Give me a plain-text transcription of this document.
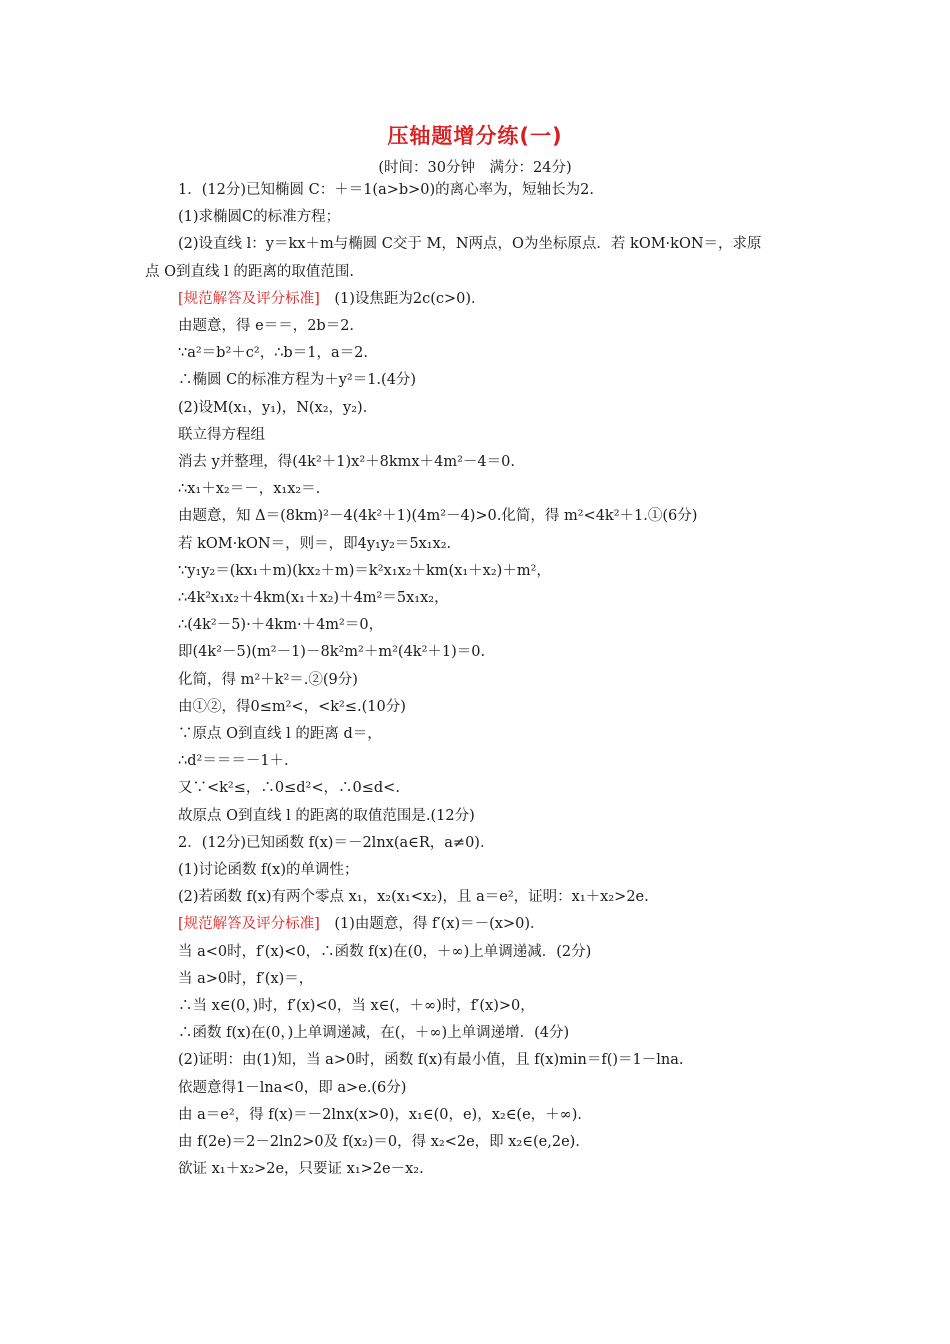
压轴题增分练(一)
(时间：30分钟　满分：24分)
1．(12分)已知椭圆 C：＋＝1(a>b>0)的离心率为，短轴长为2.
(1)求椭圆C的标准方程；
(2)设直线 l：y＝kx＋m与椭圆 C交于 M，N两点，O为坐标原点．若 kOM·kON＝，求原
点 O到直线 l 的距离的取值范围.
[规范解答及评分标准]　(1)设焦距为2c(c>0)．
由题意，得 e＝＝，2b＝2.
∵a²＝b²＋c²，∴b＝1，a＝2.
∴椭圆 C的标准方程为＋y²＝1.(4分)
(2)设M(x₁，y₁)，N(x₂，y₂)．
联立得方程组
消去 y并整理，得(4k²＋1)x²＋8kmx＋4m²－4＝0.
∴x₁＋x₂＝－，x₁x₂＝.
由题意，知 Δ＝(8km)²－4(4k²＋1)(4m²－4)>0.化简，得 m²<4k²＋1.①(6分)
若 kOM·kON＝，则＝，即4y₁y₂＝5x₁x₂.
∵y₁y₂＝(kx₁＋m)(kx₂＋m)＝k²x₁x₂＋km(x₁＋x₂)＋m²，
∴4k²x₁x₂＋4km(x₁＋x₂)＋4m²＝5x₁x₂，
∴(4k²－5)·＋4km·＋4m²＝0，
即(4k²－5)(m²－1)－8k²m²＋m²(4k²＋1)＝0.
化简，得 m²＋k²＝.②(9分)
由①②，得0≤m²<，<k²≤.(10分)
∵原点 O到直线 l 的距离 d＝，
∴d²＝＝＝－1＋.
又∵<k²≤，∴0≤d²<，∴0≤d<.
故原点 O到直线 l 的距离的取值范围是.(12分)
2．(12分)已知函数 f(x)＝－2lnx(a∈R，a≠0)．
(1)讨论函数 f(x)的单调性；
(2)若函数 f(x)有两个零点 x₁，x₂(x₁<x₂)，且 a＝e²，证明：x₁＋x₂>2e.
[规范解答及评分标准]　(1)由题意，得 f′(x)＝－(x>0)．
当 a<0时，f′(x)<0，∴函数 f(x)在(0，＋∞)上单调递减．(2分)
当 a>0时，f′(x)＝，
∴当 x∈(0，)时，f′(x)<0，当 x∈(，＋∞)时，f′(x)>0，
∴函数 f(x)在(0，)上单调递减，在(，＋∞)上单调递增．(4分)
(2)证明：由(1)知，当 a>0时，函数 f(x)有最小值，且 f(x)min＝f()＝1－lna.
依题意得1－lna<0，即 a>e.(6分)
由 a＝e²，得 f(x)＝－2lnx(x>0)，x₁∈(0，e)，x₂∈(e，＋∞)．
由 f(2e)＝2－2ln2>0及 f(x₂)＝0，得 x₂<2e，即 x₂∈(e,2e)．
欲证 x₁＋x₂>2e，只要证 x₁>2e－x₂.
